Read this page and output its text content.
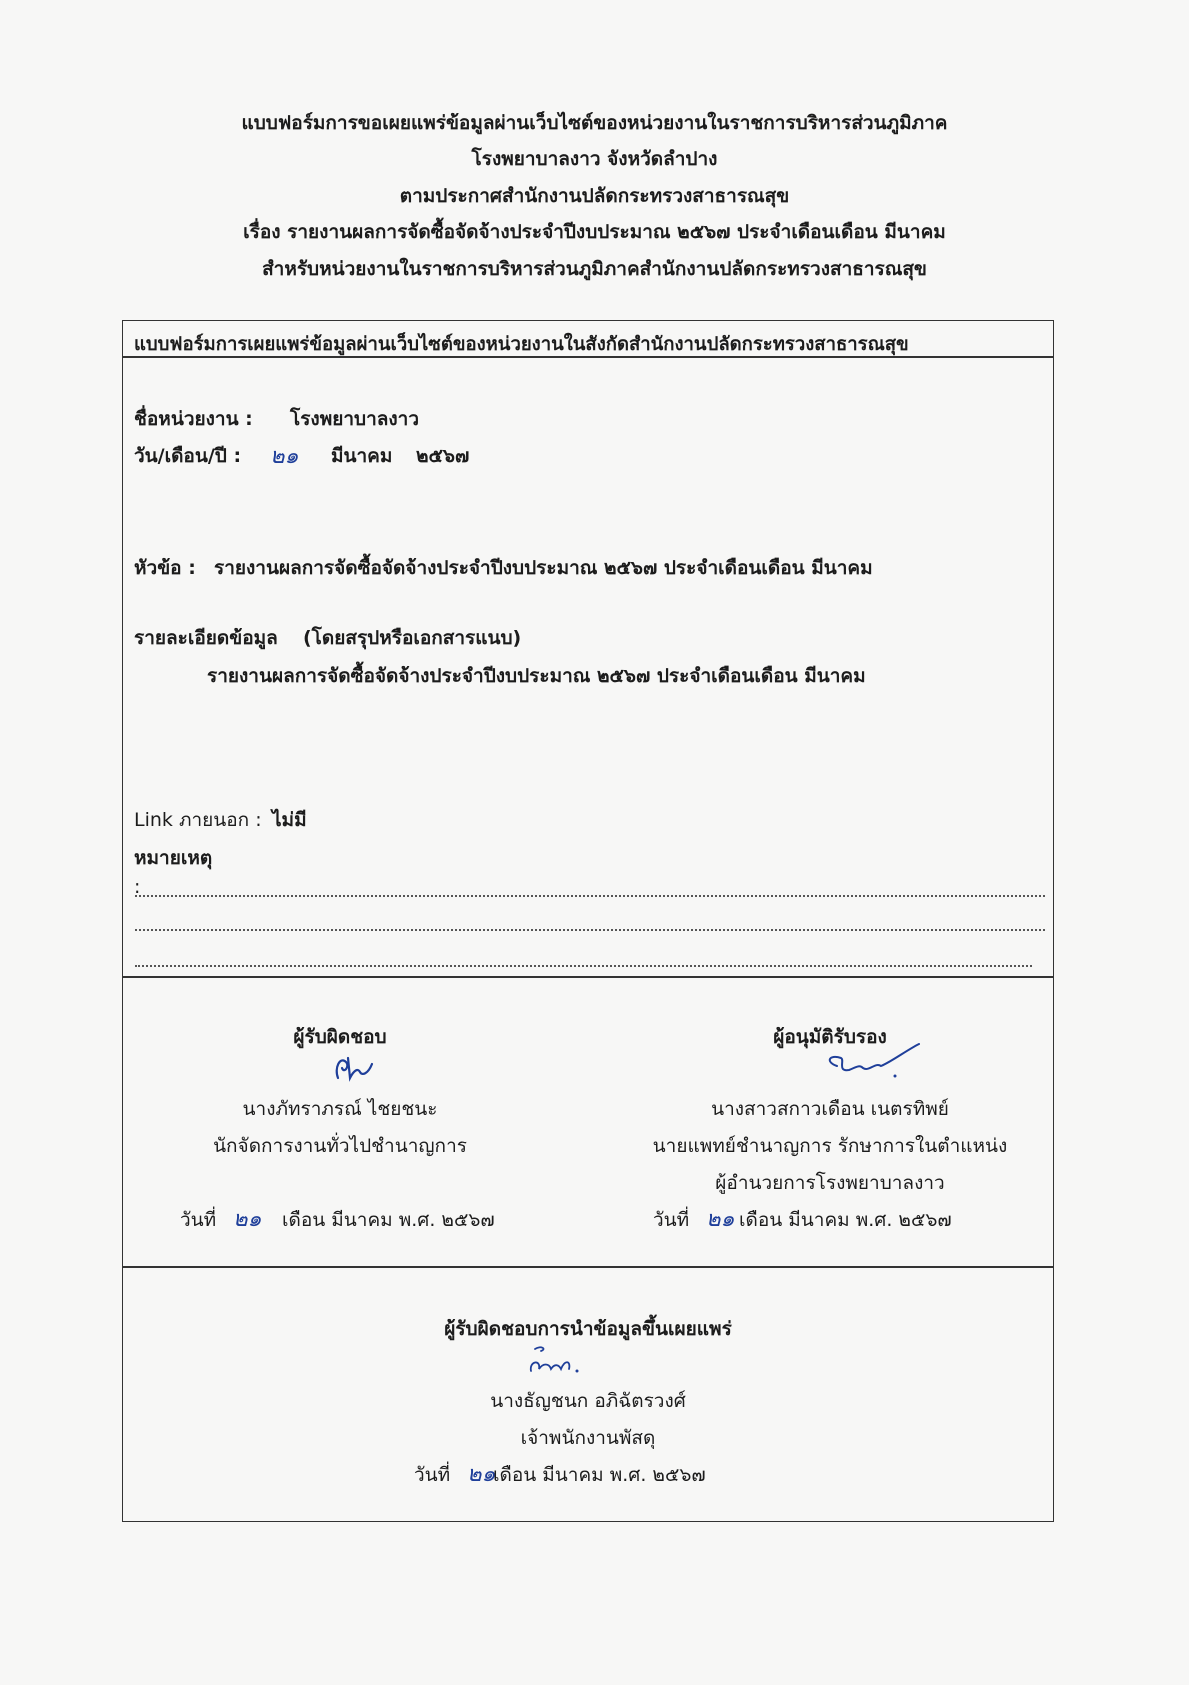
แบบฟอร์มการขอเผยแพร่ข้อมูลผ่านเว็บไซต์ของหน่วยงานในราชการบริหารส่วนภูมิภาค
โรงพยาบาลงาว จังหวัดลำปาง
ตามประกาศสำนักงานปลัดกระทรวงสาธารณสุข
เรื่อง รายงานผลการจัดซื้อจัดจ้างประจำปีงบประมาณ ๒๕๖๗ ประจำเดือนเดือน มีนาคม
สำหรับหน่วยงานในราชการบริหารส่วนภูมิภาคสำนักงานปลัดกระทรวงสาธารณสุข
แบบฟอร์มการเผยแพร่ข้อมูลผ่านเว็บไซต์ของหน่วยงานในสังกัดสำนักงานปลัดกระทรวงสาธารณสุข
ชื่อหน่วยงาน : โรงพยาบาลงาว
วัน/เดือน/ปี : ๒๑ มีนาคม ๒๕๖๗
หัวข้อ : รายงานผลการจัดซื้อจัดจ้างประจำปีงบประมาณ ๒๕๖๗ ประจำเดือนเดือน มีนาคม
รายละเอียดข้อมูล (โดยสรุปหรือเอกสารแนบ)
รายงานผลการจัดซื้อจัดจ้างประจำปีงบประมาณ ๒๕๖๗ ประจำเดือนเดือน มีนาคม
Link ภายนอก : ไม่มี
หมายเหตุ
:
ผู้รับผิดชอบ
นางภัทราภรณ์ ไชยชนะ
นักจัดการงานทั่วไปชำนาญการ
วันที่ ๒๑ เดือน มีนาคม พ.ศ. ๒๕๖๗
ผู้อนุมัติรับรอง
นางสาวสกาวเดือน เนตรทิพย์
นายแพทย์ชำนาญการ รักษาการในตำแหน่ง
ผู้อำนวยการโรงพยาบาลงาว
วันที่ ๒๑ เดือน มีนาคม พ.ศ. ๒๕๖๗
ผู้รับผิดชอบการนำข้อมูลขึ้นเผยแพร่
นางธัญชนก อภิฉัตรวงศ์
เจ้าพนักงานพัสดุ
วันที่ ๒๑
เดือน มีนาคม พ.ศ. ๒๕๖๗
